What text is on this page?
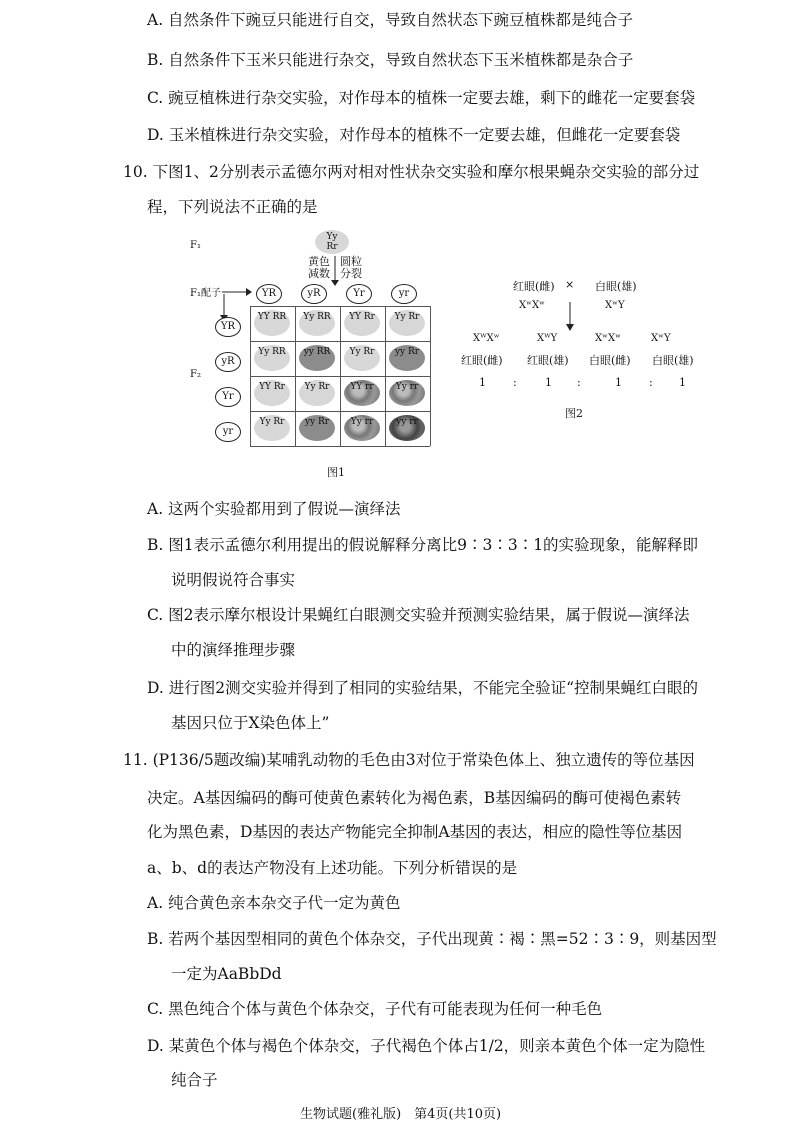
A. 自然条件下豌豆只能进行自交，导致自然状态下豌豆植株都是纯合子
B. 自然条件下玉米只能进行杂交，导致自然状态下玉米植株都是杂合子
C. 豌豆植株进行杂交实验，对作母本的植株一定要去雄，剩下的雌花一定要套袋
D. 玉米植株进行杂交实验，对作母本的植株不一定要去雄，但雌花一定要套袋
10. 下图1、2分别表示孟德尔两对相对性状杂交实验和摩尔根果蝇杂交实验的部分过
程，下列说法不正确的是
F₁
Yy
Rr
黄色
减数
圆粒
分裂
F₁配子
F₂
YR	yR	Yr	yr
YR
yR
Yr
yr
YY RR	Yy RR	YY Rr	Yy Rr
Yy RR	yy RR	Yy Rr	yy Rr
YY Rr	Yy Rr	YY rr	Yy rr
Yy Rr	yy Rr	Yy rr	yy rr
图1
红眼(雌) × 白眼(雄)
XʷXʷ	XʷY
XᵂXʷ	XᵂY	XʷXʷ	XʷY
红眼(雌) 红眼(雄) 白眼(雌) 白眼(雄)
1 :	1 :	1 : 1
图2
A. 这两个实验都用到了假说—演绎法
B. 图1表示孟德尔利用提出的假说解释分离比9∶3∶3∶1的实验现象，能解释即
说明假说符合事实
C. 图2表示摩尔根设计果蝇红白眼测交实验并预测实验结果，属于假说—演绎法
中的演绎推理步骤
D. 进行图2测交实验并得到了相同的实验结果，不能完全验证“控制果蝇红白眼的
基因只位于X染色体上”
11. (P136/5题改编)某哺乳动物的毛色由3对位于常染色体上、独立遗传的等位基因
决定。A基因编码的酶可使黄色素转化为褐色素，B基因编码的酶可使褐色素转
化为黑色素，D基因的表达产物能完全抑制A基因的表达，相应的隐性等位基因
a、b、d的表达产物没有上述功能。下列分析错误的是
A. 纯合黄色亲本杂交子代一定为黄色
B. 若两个基因型相同的黄色个体杂交，子代出现黄∶褐∶黑=52∶3∶9，则基因型
一定为AaBbDd
C. 黑色纯合个体与黄色个体杂交，子代有可能表现为任何一种毛色
D. 某黄色个体与褐色个体杂交，子代褐色个体占1/2，则亲本黄色个体一定为隐性
纯合子
生物试题(雅礼版)　第4页(共10页)
